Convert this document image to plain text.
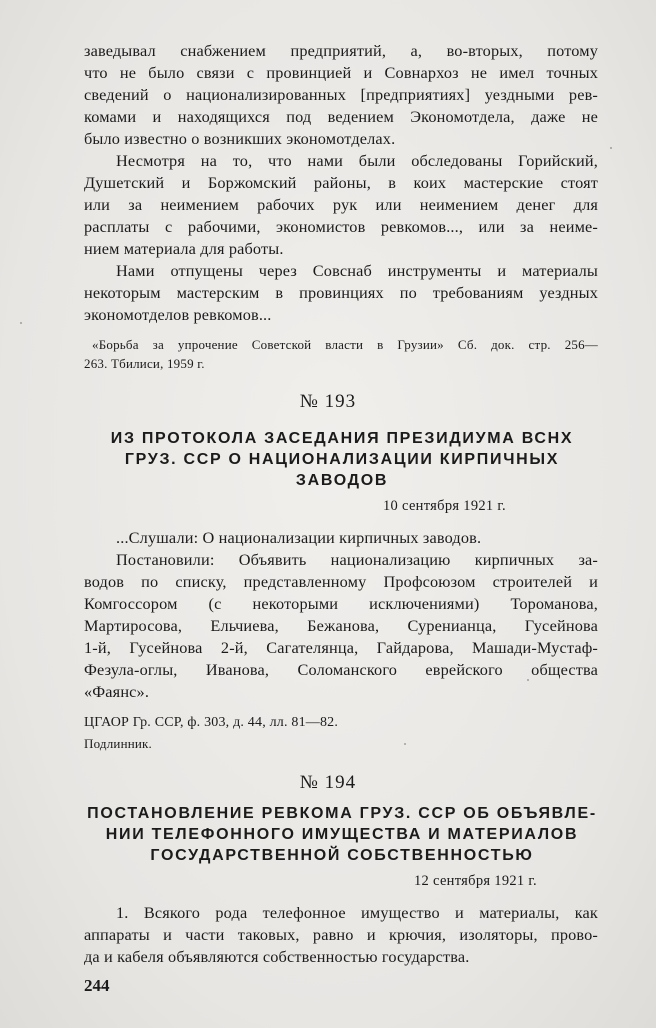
заведывал снабжением предприятий, а, во-вторых, потому
что не было связи с провинцией и Совнархоз не имел точных
сведений о национализированных [предприятиях] уездными рев-
комами и находящихся под ведением Экономотдела, даже не
было известно о возникших экономотделах.
Несмотря на то, что нами были обследованы Горийский,
Душетский и Боржомский районы, в коих мастерские стоят
или за неимением рабочих рук или неимением денег для
расплаты с рабочими, экономистов ревкомов..., или за неиме-
нием материала для работы.
Нами отпущены через Совснаб инструменты и материалы
некоторым мастерским в провинциях по требованиям уездных
экономотделов ревкомов...
«Борьба за упрочение Советской власти в Грузии» Сб. док. стр. 256—
263. Тбилиси, 1959 г.
№ 193
ИЗ ПРОТОКОЛА ЗАСЕДАНИЯ ПРЕЗИДИУМА ВСНХ
ГРУЗ. ССР О НАЦИОНАЛИЗАЦИИ КИРПИЧНЫХ
ЗАВОДОВ
10 сентября 1921 г.
...Слушали: О национализации кирпичных заводов.
Постановили: Объявить национализацию кирпичных за-
водов по списку, представленному Профсоюзом строителей и
Комгоссором (с некоторыми исключениями) Тороманова,
Мартиросова, Ельчиева, Бежанова, Суренианца, Гусейнова
1-й, Гусейнова 2-й, Сагателянца, Гайдарова, Машади-Мустаф-
Фезула-оглы, Иванова, Соломанского еврейского общества
«Фаянс».
ЦГАОР Гр. ССР, ф. 303, д. 44, лл. 81—82.
Подлинник.
№ 194
ПОСТАНОВЛЕНИЕ РЕВКОМА ГРУЗ. ССР ОБ ОБЪЯВЛЕ-
НИИ ТЕЛЕФОННОГО ИМУЩЕСТВА И МАТЕРИАЛОВ
ГОСУДАРСТВЕННОЙ СОБСТВЕННОСТЬЮ
12 сентября 1921 г.
1. Всякого рода телефонное имущество и материалы, как
аппараты и части таковых, равно и крючия, изоляторы, прово-
да и кабеля объявляются собственностью государства.
244
